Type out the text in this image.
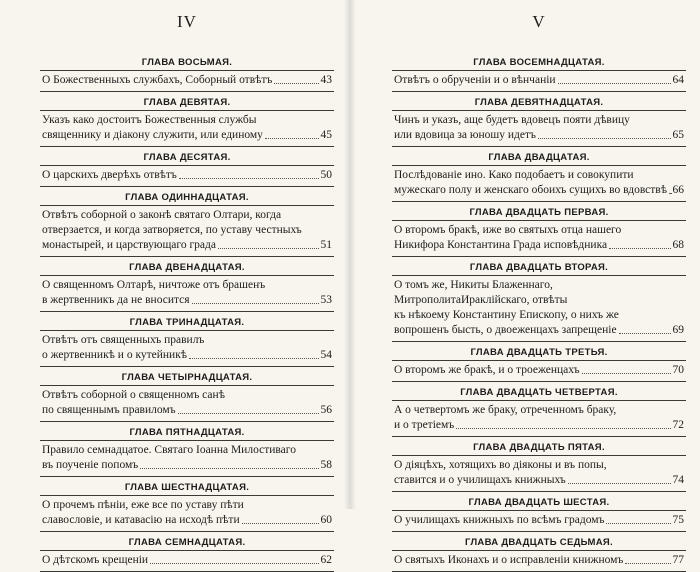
IV
ГЛАВА ВОСЬМАЯ.
О Божественныхъ службахъ, Соборный отвѣтъ	43
ГЛАВА ДЕВЯТАЯ.
Указъ како достоитъ Божественныя службы
священнику и діакону служити, или единому	45
ГЛАВА ДЕСЯТАЯ.
О царскихъ дверѣхъ отвѣтъ	50
ГЛАВА ОДИННАДЦАТАЯ.
Отвѣтъ соборной о законѣ святаго Олтари, когда
отверзается, и когда затворяется, по уставу честныхъ
монастырей, и царствующаго града	51
ГЛАВА ДВЕНАДЦАТАЯ.
О священномъ Олтарѣ, ничтоже отъ брашенъ
в жертвенникъ да не вносится	53
ГЛАВА ТРИНАДЦАТАЯ.
Отвѣтъ отъ священныхъ правилъ
о жертвенникѣ и о кутейникѣ	54
ГЛАВА ЧЕТЫРНАДЦАТАЯ.
Отвѣтъ соборной о священномъ санѣ
по священнымъ правиломъ	56
ГЛАВА ПЯТНАДЦАТАЯ.
Правило семнадцатое. Святаго Іоанна Милостиваго
въ поученіе попомъ	58
ГЛАВА ШЕСТНАДЦАТАЯ.
О прочемъ пѣніи, еже все по уставу пѣти
славословіе, и катавасію на исходѣ пѣти	60
ГЛАВА СЕМНАДЦАТАЯ.
О дѣтскомъ крещеніи	62
V
ГЛАВА ВОСЕМНАДЦАТАЯ.
Отвѣтъ о обрученіи и о вѣнчаніи	64
ГЛАВА ДЕВЯТНАДЦАТАЯ.
Чинъ и указъ, аще будетъ вдовецъ пояти дѣвицу
или вдовица за юношу идетъ	65
ГЛАВА ДВАДЦАТАЯ.
Послѣдованіе ино. Како подобаетъ и совокупити
мужескаго полу и женскаго обоихъ сущихъ во вдовствѣ 66
ГЛАВА ДВАДЦАТЬ ПЕРВАЯ.
О второмъ бракѣ, иже во святыхъ отца нашего
Никифора Константина Града исповѣдника	68
ГЛАВА ДВАДЦАТЬ ВТОРАЯ.
О томъ же, Никиты Блаженнаго,
МитрополитаИраклійскаго, отвѣты
къ нѣкоему Константину Епископу, о нихъ же
вопрошенъ бысть, о двоеженцахъ запрещеніе	69
ГЛАВА ДВАДЦАТЬ ТРЕТЬЯ.
О второмъ же бракѣ, и о троеженцахъ	70
ГЛАВА ДВАДЦАТЬ ЧЕТВЕРТАЯ.
А о четвертомъ же браку, отреченномъ браку,
и о третіемъ	72
ГЛАВА ДВАДЦАТЬ ПЯТАЯ.
О діяцѣхъ, хотящихъ во діяконы и въ попы,
ставится и о училищахъ книжныхъ	74
ГЛАВА ДВАДЦАТЬ ШЕСТАЯ.
О училищахъ книжныхъ по всѣмъ градомъ	75
ГЛАВА ДВАДЦАТЬ СЕДЬМАЯ.
О святыхъ Иконахъ и о исправленіи книжномъ	77
